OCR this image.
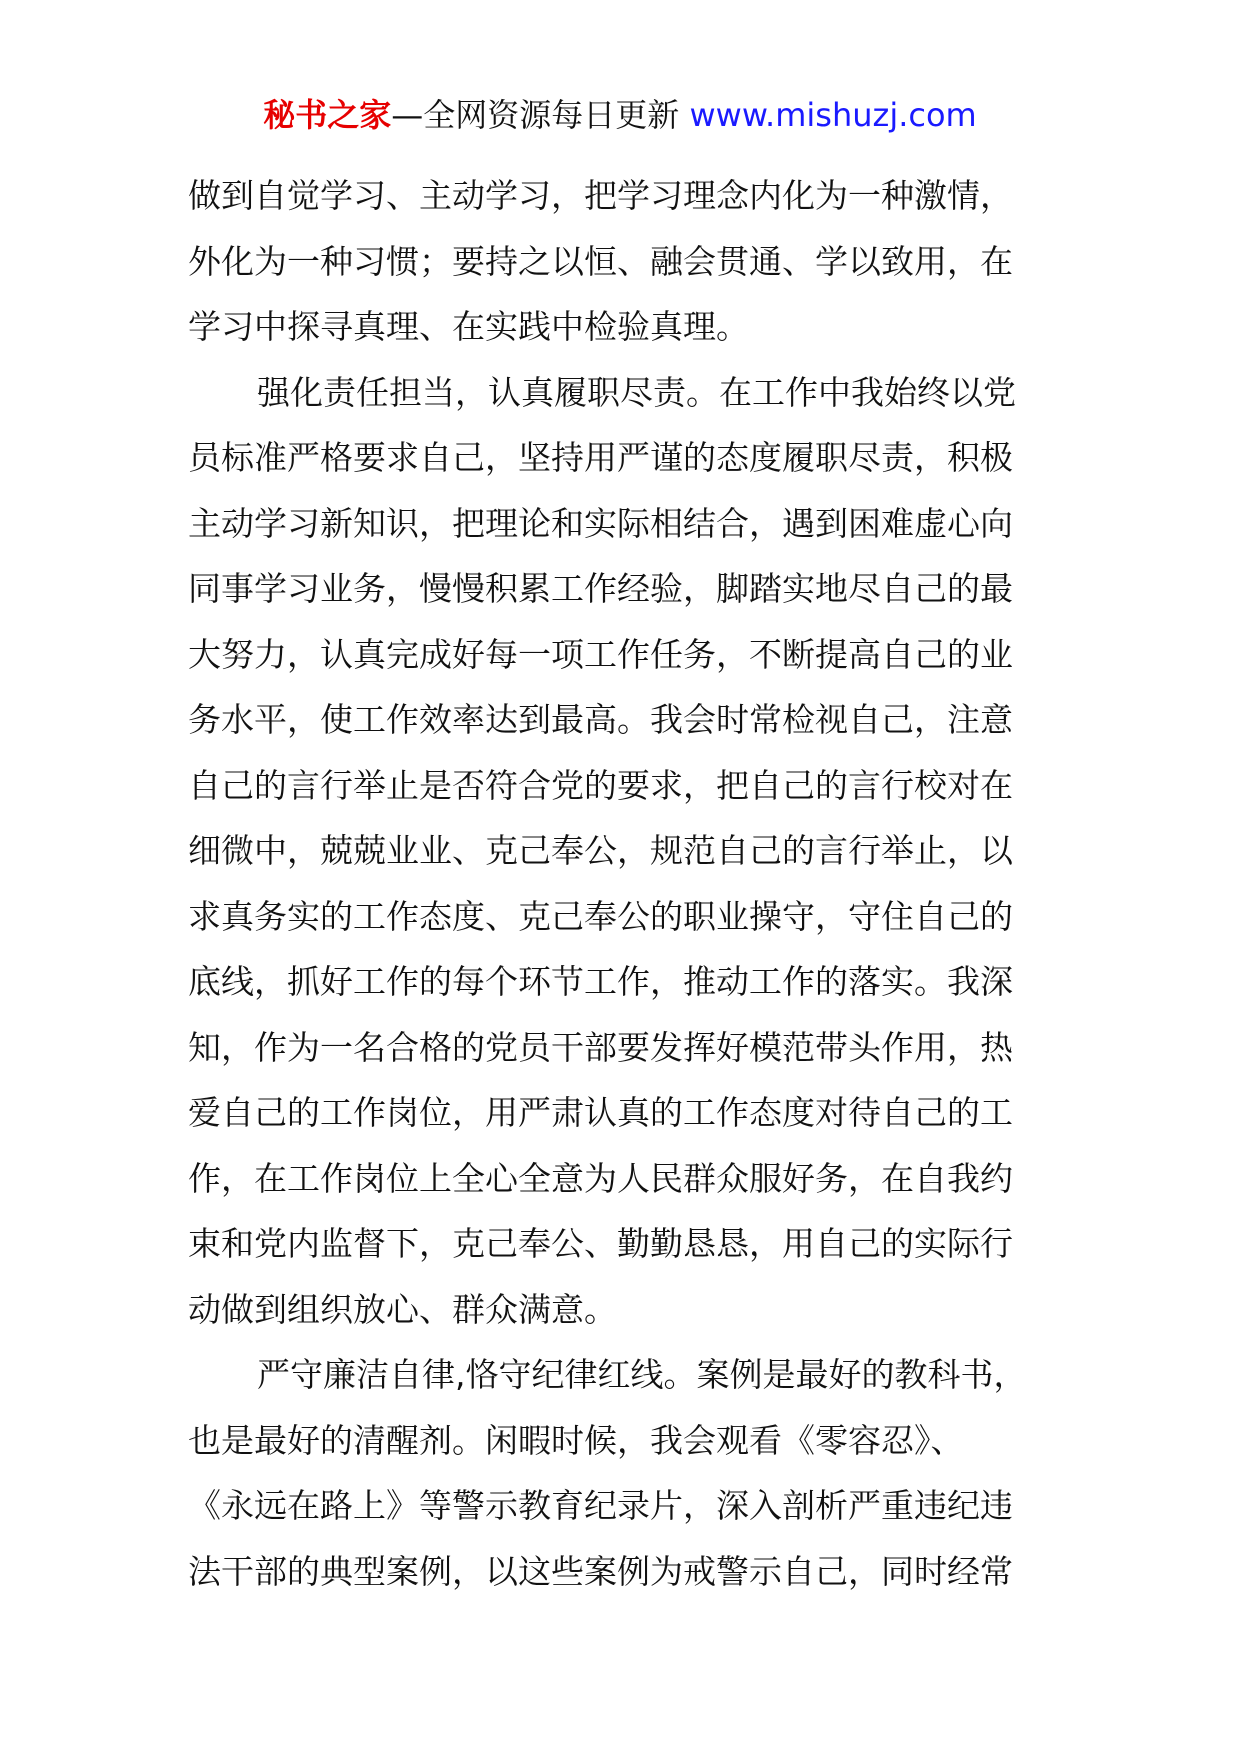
秘书之家—全网资源每日更新 www.mishuzj.com
做到自觉学习、主动学习，把学习理念内化为一种激情，
外化为一种习惯；要持之以恒、融会贯通、学以致用，在
学习中探寻真理、在实践中检验真理。
强化责任担当，认真履职尽责。在工作中我始终以党
员标准严格要求自己，坚持用严谨的态度履职尽责，积极
主动学习新知识，把理论和实际相结合，遇到困难虚心向
同事学习业务，慢慢积累工作经验，脚踏实地尽自己的最
大努力，认真完成好每一项工作任务，不断提高自己的业
务水平，使工作效率达到最高。我会时常检视自己，注意
自己的言行举止是否符合党的要求，把自己的言行校对在
细微中，兢兢业业、克己奉公，规范自己的言行举止，以
求真务实的工作态度、克己奉公的职业操守，守住自己的
底线，抓好工作的每个环节工作，推动工作的落实。我深
知，作为一名合格的党员干部要发挥好模范带头作用，热
爱自己的工作岗位，用严肃认真的工作态度对待自己的工
作，在工作岗位上全心全意为人民群众服好务，在自我约
束和党内监督下，克己奉公、勤勤恳恳，用自己的实际行
动做到组织放心、群众满意。
严守廉洁自律,恪守纪律红线。案例是最好的教科书，
也是最好的清醒剂。闲暇时候，我会观看《零容忍》、
《永远在路上》等警示教育纪录片，深入剖析严重违纪违
法干部的典型案例，以这些案例为戒警示自己，同时经常
